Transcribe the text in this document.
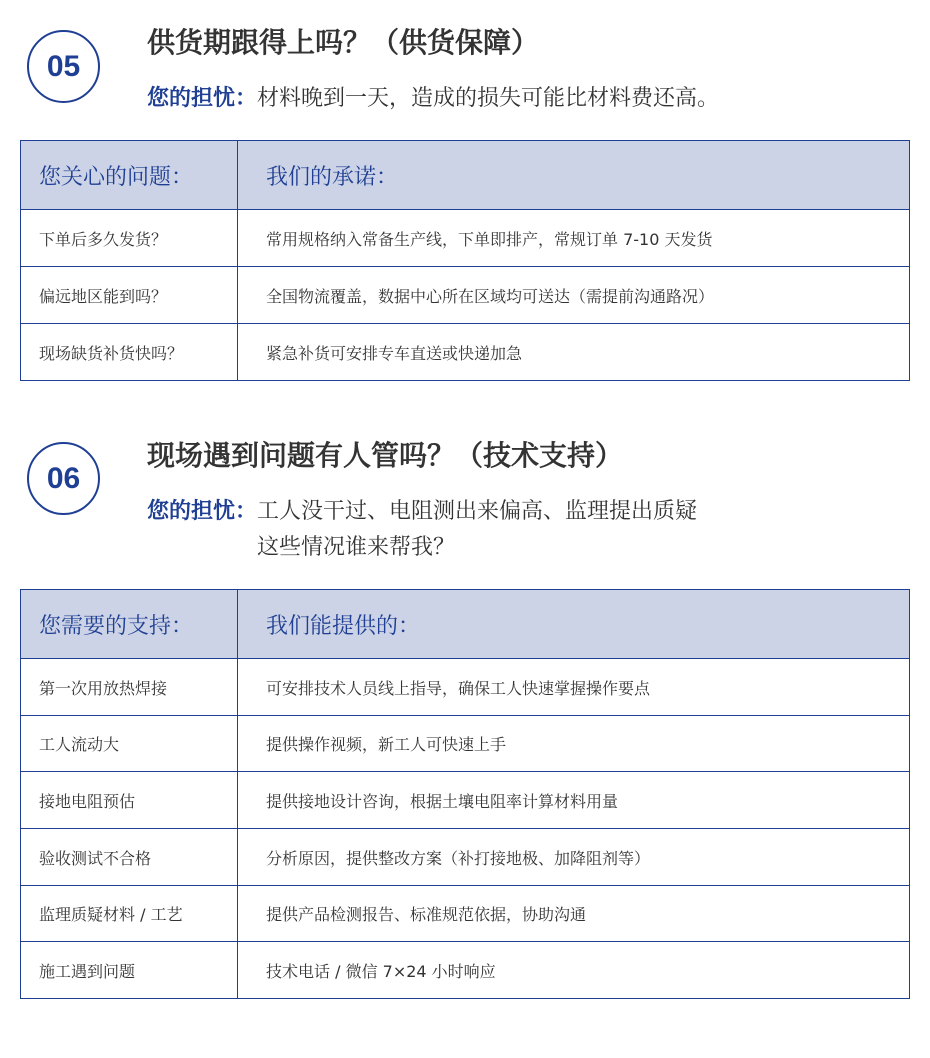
05
供货期跟得上吗？（供货保障）
您的担忧： 材料晚到一天，造成的损失可能比材料费还高。
您关心的问题：	我们的承诺：
下单后多久发货？	常用规格纳入常备生产线，下单即排产，常规订单 7-10 天发货
偏远地区能到吗？	全国物流覆盖，数据中心所在区域均可送达（需提前沟通路况）
现场缺货补货快吗？	紧急补货可安排专车直送或快递加急
06
现场遇到问题有人管吗？（技术支持）
您的担忧： 工人没干过、电阻测出来偏高、监理提出质疑
这些情况谁来帮我？
您需要的支持：	我们能提供的：
第一次用放热焊接	可安排技术人员线上指导，确保工人快速掌握操作要点
工人流动大	提供操作视频，新工人可快速上手
接地电阻预估	提供接地设计咨询，根据土壤电阻率计算材料用量
验收测试不合格	分析原因，提供整改方案（补打接地极、加降阻剂等）
监理质疑材料 / 工艺	提供产品检测报告、标准规范依据，协助沟通
施工遇到问题	技术电话 / 微信 7×24 小时响应
